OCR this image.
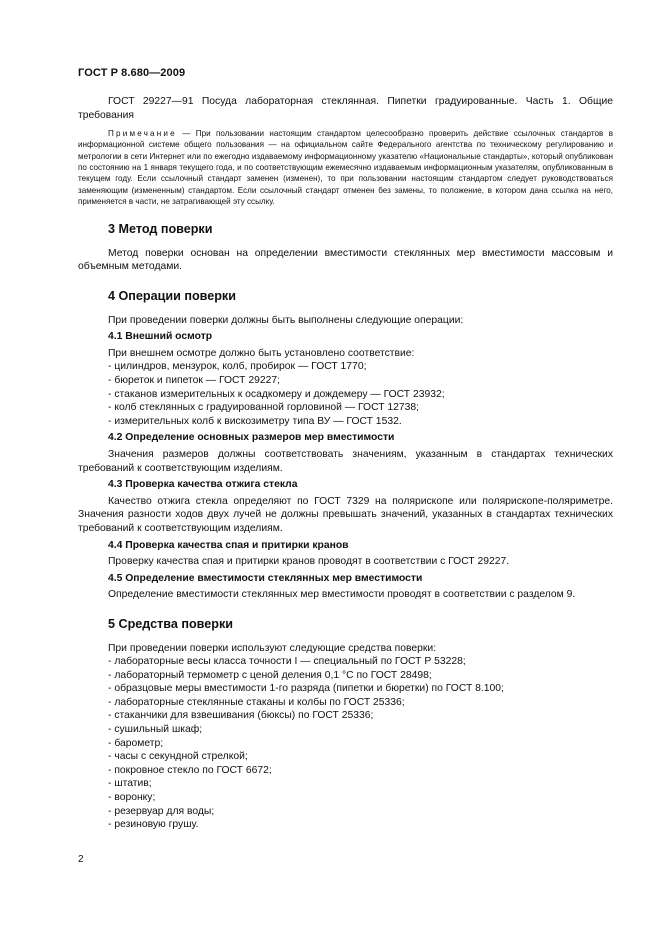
ГОСТ Р 8.680—2009

ГОСТ 29227—91 Посуда лабораторная стеклянная. Пипетки градуированные. Часть 1. Общие требования

Примечание — При пользовании настоящим стандартом целесообразно проверить действие ссылочных стандартов в информационной системе общего пользования — на официальном сайте Федерального агентства по техническому регулированию и метрологии в сети Интернет или по ежегодно издаваемому информационному указателю «Национальные стандарты», который опубликован по состоянию на 1 января текущего года, и по соответствующим ежемесячно издаваемым информационным указателям, опубликованным в текущем году. Если ссылочный стандарт заменен (изменен), то при пользовании настоящим стандартом следует руководствоваться заменяющим (измененным) стандартом. Если ссылочный стандарт отменен без замены, то положение, в котором дана ссылка на него, применяется в части, не затрагивающей эту ссылку.

3 Метод поверки

Метод поверки основан на определении вместимости стеклянных мер вместимости массовым и объемным методами.

4 Операции поверки

При проведении поверки должны быть выполнены следующие операции:

4.1 Внешний осмотр

При внешнем осмотре должно быть установлено соответствие:

- цилиндров, мензурок, колб, пробирок — ГОСТ 1770;
- бюреток и пипеток — ГОСТ 29227;
- стаканов измерительных к осадкомеру и дождемеру — ГОСТ 23932;
- колб стеклянных с градуированной горловиной — ГОСТ 12738;
- измерительных колб к вискозиметру типа ВУ — ГОСТ 1532.
4.2 Определение основных размеров мер вместимости

Значения размеров должны соответствовать значениям, указанным в стандартах технических требований к соответствующим изделиям.

4.3 Проверка качества отжига стекла

Качество отжига стекла определяют по ГОСТ 7329 на полярископе или полярископе-поляриметре. Значения разности ходов двух лучей не должны превышать значений, указанных в стандартах технических требований к соответствующим изделиям.

4.4 Проверка качества спая и притирки кранов

Проверку качества спая и притирки кранов проводят в соответствии с ГОСТ 29227.

4.5 Определение вместимости стеклянных мер вместимости

Определение вместимости стеклянных мер вместимости проводят в соответствии с разделом 9.

5 Средства поверки

При проведении поверки используют следующие средства поверки:

- лабораторные весы класса точности I — специальный по ГОСТ Р 53228;
- лабораторный термометр с ценой деления 0,1 °С по ГОСТ 28498;
- образцовые меры вместимости 1-го разряда (пипетки и бюретки) по ГОСТ 8.100;
- лабораторные стеклянные стаканы и колбы по ГОСТ 25336;
- стаканчики для взвешивания (бюксы) по ГОСТ 25336;
- сушильный шкаф;
- барометр;
- часы с секундной стрелкой;
- покровное стекло по ГОСТ 6672;
- штатив;
- воронку;
- резервуар для воды;
- резиновую грушу.
2
